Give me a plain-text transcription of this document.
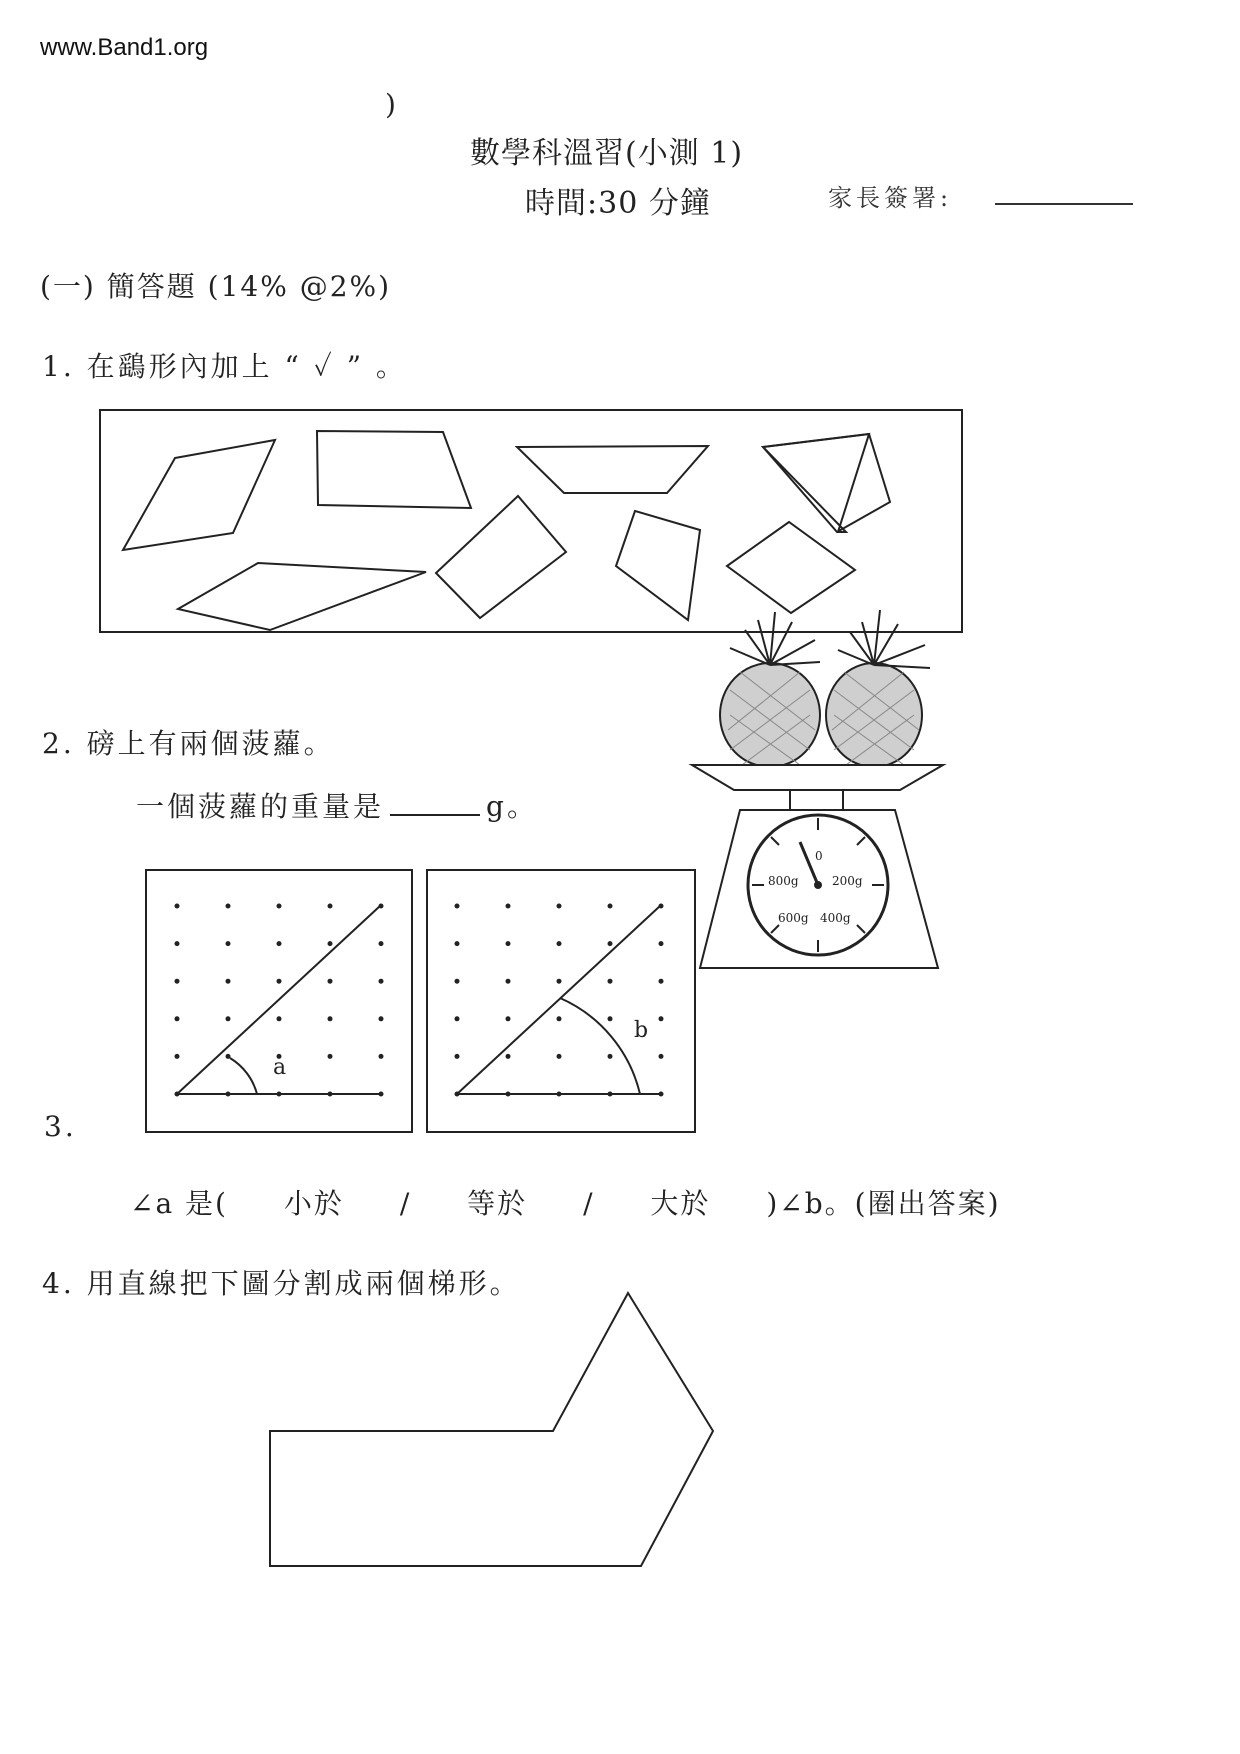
www.Band1.org
)
數學科溫習(小測 1)
時間:30 分鐘	家長簽署:
(一) 簡答題 (14% @2%)
1. 在鷂形內加上 “ ✓ ” 。
2. 磅上有兩個菠蘿。
一個菠蘿的重量是	g。
3.
∠a 是( 小於 / 等於 / 大於 )∠b。(圈出答案)
4. 用直線把下圖分割成兩個梯形。
0
200g
400g
600g
800g
a
b
